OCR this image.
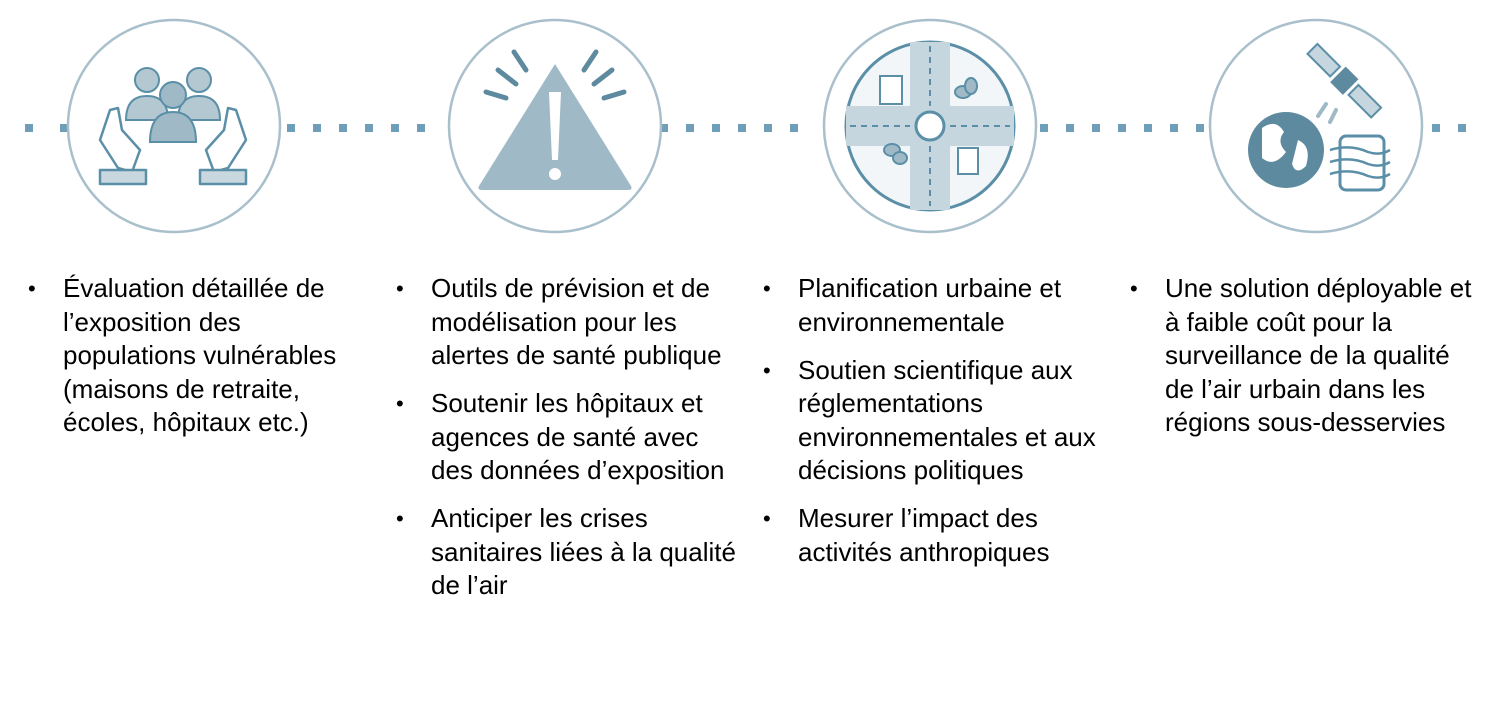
• Évaluation détaillée de l’exposition des populations vulnérables (maisons de retraite, écoles, hôpitaux etc.)
• Outils de prévision et de modélisation pour les alertes de santé publique
• Soutenir les hôpitaux et agences de santé avec des données d’exposition
• Anticiper les crises sanitaires liées à la qualité de l’air
• Planification urbaine et environnementale
• Soutien scientifique aux réglementations environnementales et aux décisions politiques
• Mesurer l’impact des activités anthropiques
• Une solution déployable et à faible coût pour la surveillance de la qualité de l’air urbain dans les régions sous-desservies
